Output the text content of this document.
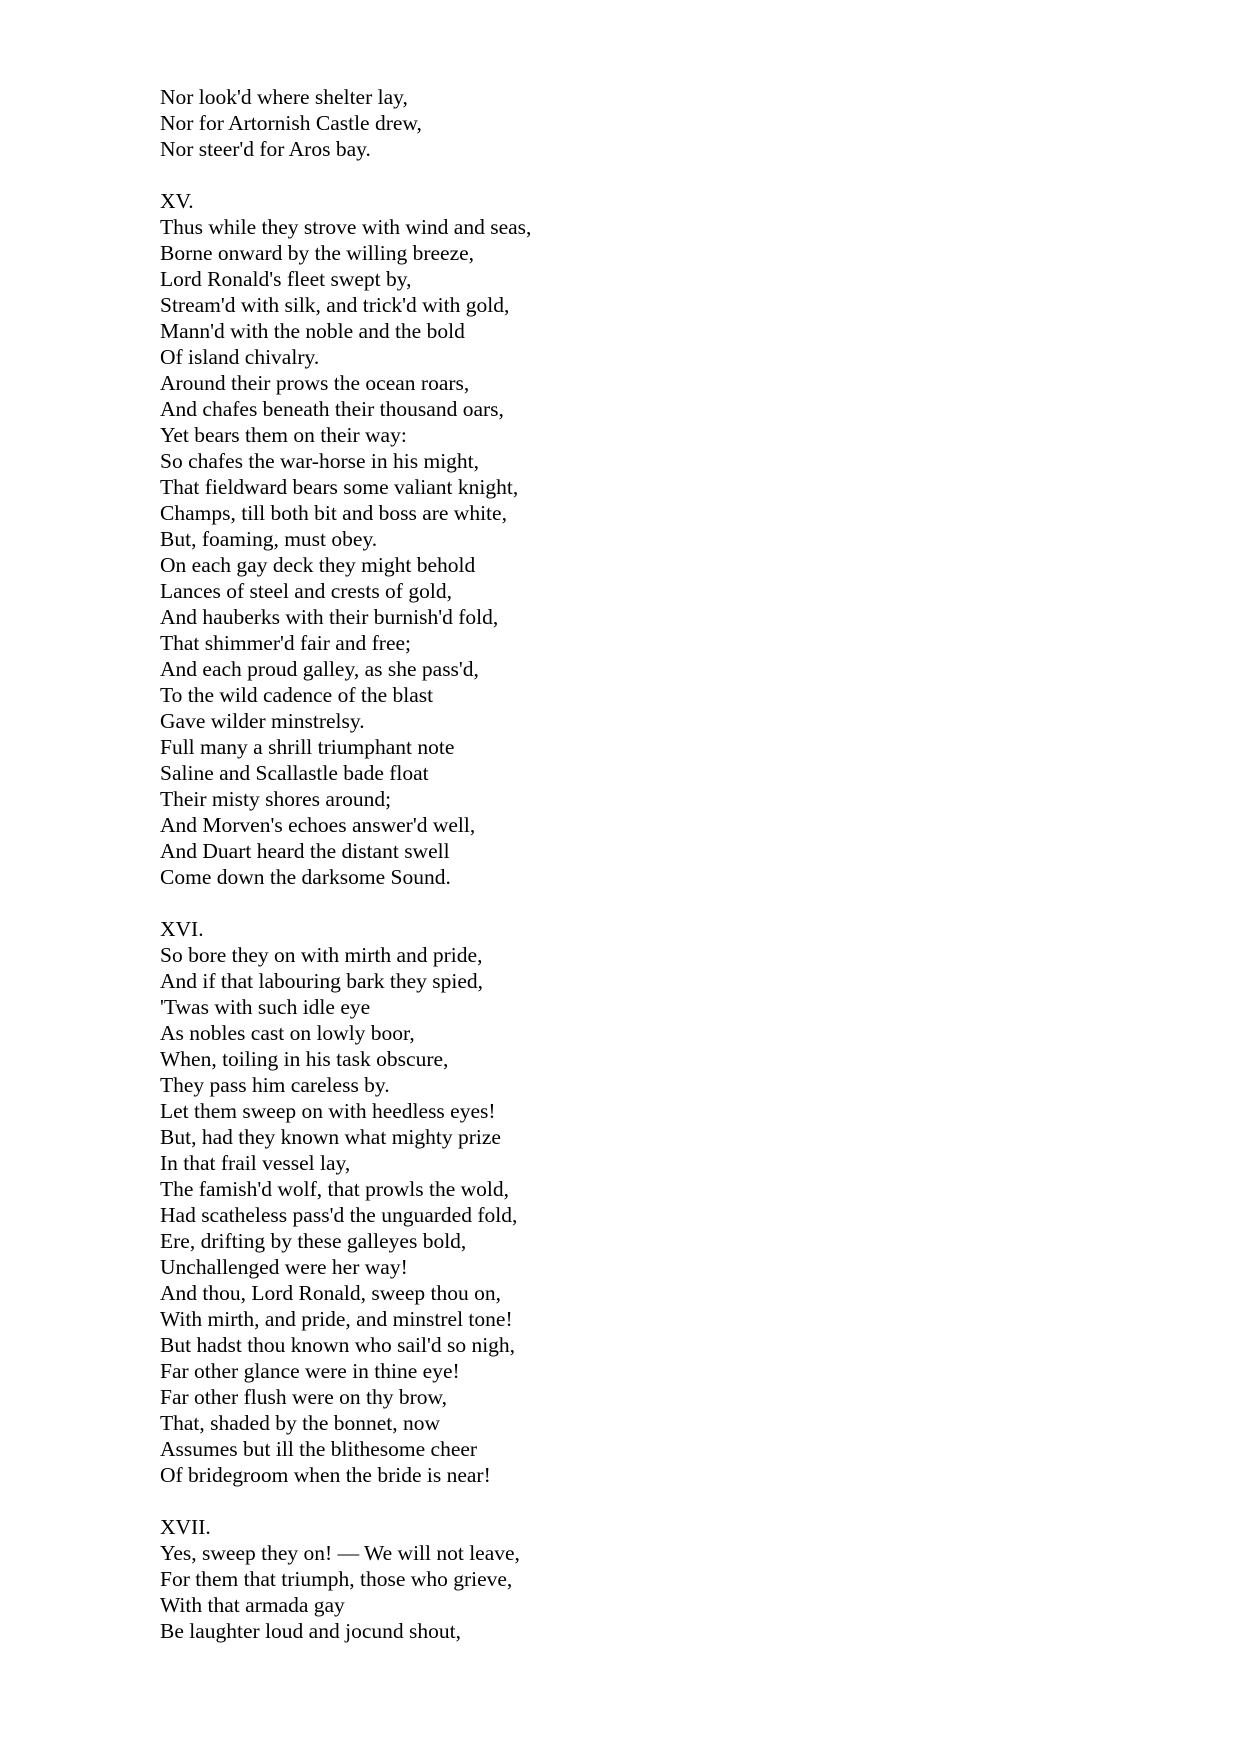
Nor look'd where shelter lay,
Nor for Artornish Castle drew,
Nor steer'd for Aros bay.
XV.
Thus while they strove with wind and seas,
Borne onward by the willing breeze,
Lord Ronald's fleet swept by,
Stream'd with silk, and trick'd with gold,
Mann'd with the noble and the bold
Of island chivalry.
Around their prows the ocean roars,
And chafes beneath their thousand oars,
Yet bears them on their way:
So chafes the war-horse in his might,
That fieldward bears some valiant knight,
Champs, till both bit and boss are white,
But, foaming, must obey.
On each gay deck they might behold
Lances of steel and crests of gold,
And hauberks with their burnish'd fold,
That shimmer'd fair and free;
And each proud galley, as she pass'd,
To the wild cadence of the blast
Gave wilder minstrelsy.
Full many a shrill triumphant note
Saline and Scallastle bade float
Their misty shores around;
And Morven's echoes answer'd well,
And Duart heard the distant swell
Come down the darksome Sound.
XVI.
So bore they on with mirth and pride,
And if that labouring bark they spied,
'Twas with such idle eye
As nobles cast on lowly boor,
When, toiling in his task obscure,
They pass him careless by.
Let them sweep on with heedless eyes!
But, had they known what mighty prize
In that frail vessel lay,
The famish'd wolf, that prowls the wold,
Had scatheless pass'd the unguarded fold,
Ere, drifting by these galleyes bold,
Unchallenged were her way!
And thou, Lord Ronald, sweep thou on,
With mirth, and pride, and minstrel tone!
But hadst thou known who sail'd so nigh,
Far other glance were in thine eye!
Far other flush were on thy brow,
That, shaded by the bonnet, now
Assumes but ill the blithesome cheer
Of bridegroom when the bride is near!
XVII.
Yes, sweep they on! — We will not leave,
For them that triumph, those who grieve,
With that armada gay
Be laughter loud and jocund shout,
